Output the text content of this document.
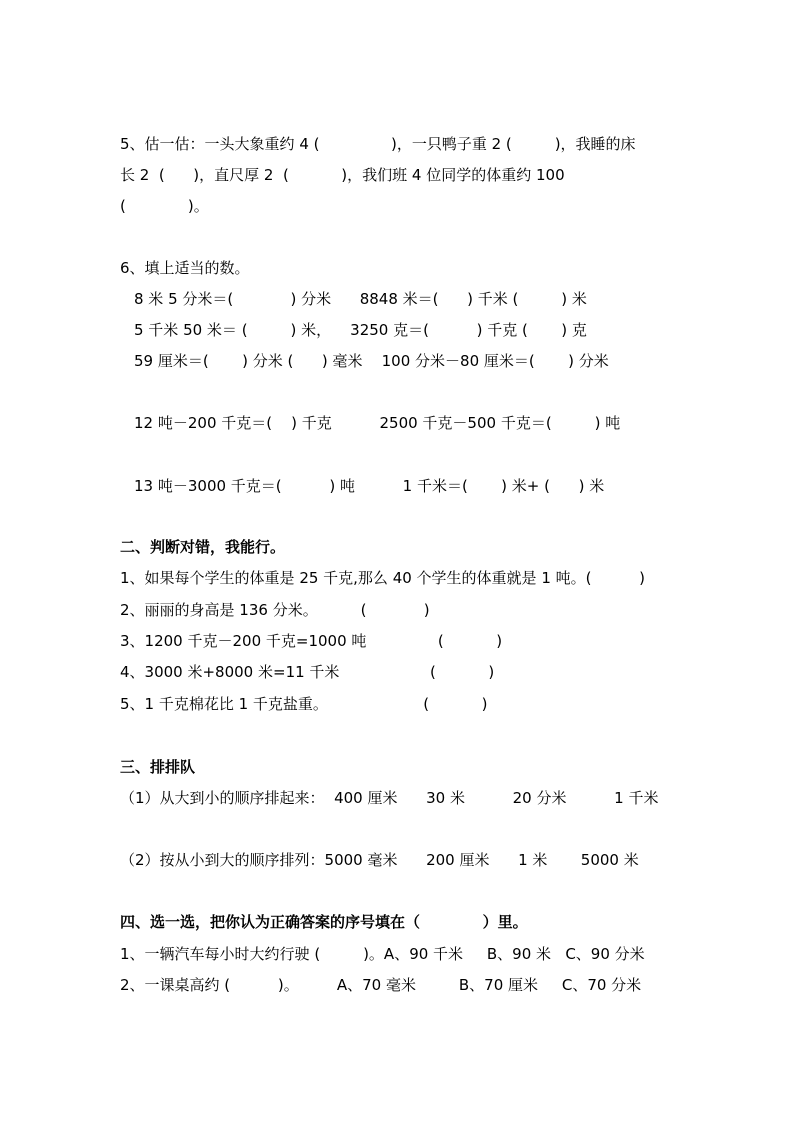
5、估一估：一头大象重约 4 (               )，一只鸭子重 2 (         )，我睡的床
长 2  (      )，直尺厚 2  (           )，我们班 4 位同学的体重约 100
(             )。
6、填上适当的数。
8 米 5 分米＝(            ) 分米      8848 米＝(      ) 千米 (         ) 米
5 千米 50 米＝ (         ) 米，    3250 克＝(          ) 千克 (       ) 克
59 厘米＝(       ) 分米 (      ) 毫米    100 分米－80 厘米＝(       ) 分米
12 吨－200 千克＝(    ) 千克          2500 千克－500 千克＝(         ) 吨
13 吨－3000 千克＝(          ) 吨          1 千米＝(       ) 米+ (      ) 米
二、判断对错，我能行。
1、如果每个学生的体重是 25 千克,那么 40 个学生的体重就是 1 吨。(          )
2、丽丽的身高是 136 分米。         (            )
3、1200 千克－200 千克=1000 吨               (           )
4、3000 米+8000 米=11 千米                   (           )
5、1 千克棉花比 1 千克盐重。                    (           )
三、排排队
（1）从大到小的顺序排起来：  400 厘米      30 米          20 分米          1 千米
（2）按从小到大的顺序排列：5000 毫米      200 厘米      1 米       5000 米
四、选一选，把你认为正确答案的序号填在（            ）里。
1、一辆汽车每小时大约行驶 (         )。A、90 千米     B、90 米   C、90 分米
2、一课桌高约 (          )。        A、70 毫米         B、70 厘米     C、70 分米
